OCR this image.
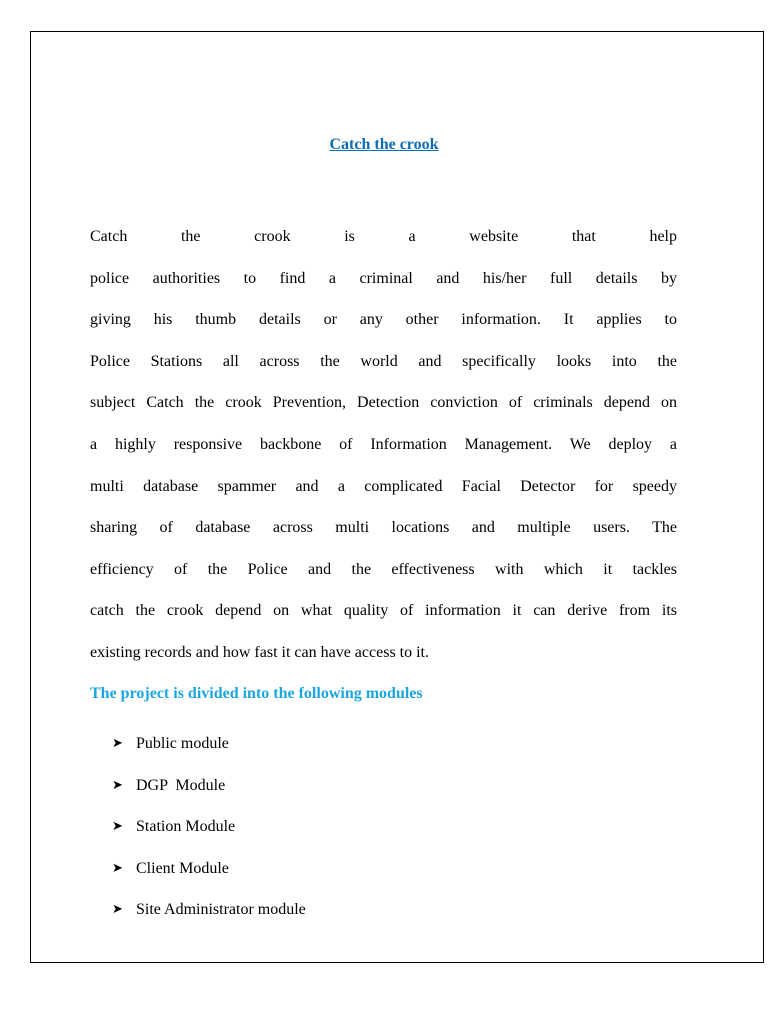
Catch the crook
Catch the crook is a website that help
police authorities to find a criminal and his/her full details by
giving his thumb details or any other information. It applies to
Police Stations all across the world and specifically looks into the
subject Catch the crook Prevention, Detection conviction of criminals depend on
a highly responsive backbone of Information Management. We deploy a
multi database spammer and a complicated Facial Detector for speedy
sharing of database across multi locations and multiple users. The
efficiency of the Police and the effectiveness with which it tackles
catch the crook depend on what quality of information it can derive from its
existing records and how fast it can have access to it.
The project is divided into the following modules
➤ Public module
➤ DGP  Module
➤ Station Module
➤ Client Module
➤ Site Administrator module
